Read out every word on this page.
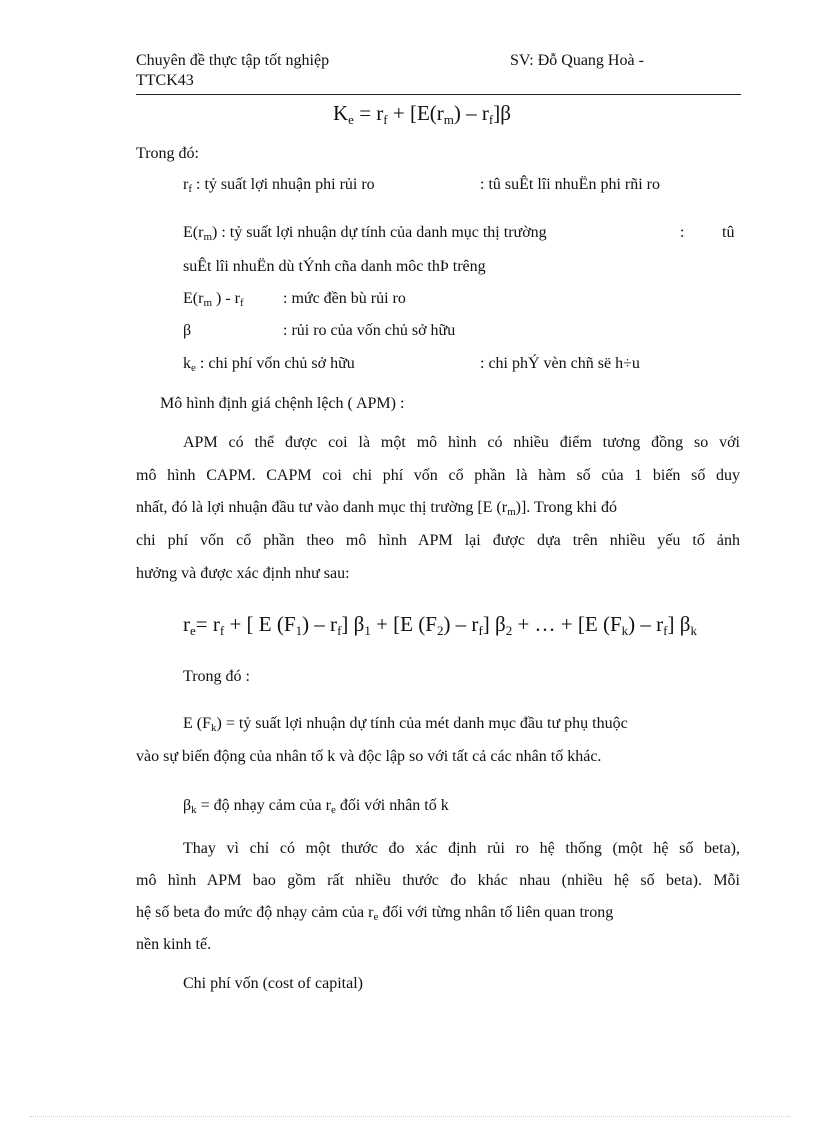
Chuyên đề thực tập tốt nghiệp	SV: Đỗ Quang Hoà -
TTCK43
$K_e = r_f + [E(r_m) - r_f]\beta$
Trong đó:
rf : tỷ suất lợi nhuận phi rủi ro	: tû suÊt lîi nhuËn phi rñi ro
E(rm) : tỷ suất lợi nhuận dự tính của danh mục thị trường	: tû
suÊt lîi nhuËn dù tÝnh cña danh môc thÞ trêng
E(rm ) - rf : mức đền bù rủi ro
β	: rủi ro của vốn chủ sở hữu
ke : chi phí vốn chủ sở hữu	: chi phÝ vèn chñ së h÷u
Mô hình định giá chệnh lệch ( APM) :
APM có thể được coi là một mô hình có nhiều điểm tương đồng so với
mô hình CAPM. CAPM coi chi phí vốn cổ phần là hàm số của 1 biến số duy
nhất, đó là lợi nhuận đầu tư vào danh mục thị trường [E (rm)]. Trong khi đó
chi phí vốn cổ phần theo mô hình APM lại được dựa trên nhiều yếu tố ảnh
hưởng và được xác định như sau:
$r_e= r_f$ + [ E $(F_1) - r_f$] $\beta_1 + [E$ $(F_2) - r_f$] $\beta_2$ + … + [E $(F_k) - r_f$] $\beta_k$
Trong đó :
E (Fk) = tỷ suất lợi nhuận dự tính của mét danh mục đầu tư phụ thuộc
vào sự biến động của nhân tố k và độc lập so với tất cả các nhân tố khác.
βk = độ nhạy cảm của re đối với nhân tố k
Thay vì chỉ có một thước đo xác định rủi ro hệ thống (một hệ số beta),
mô hình APM bao gồm rất nhiều thước đo khác nhau (nhiều hệ số beta). Mỗi
hệ số beta đo mức độ nhạy cảm của re đối với từng nhân tố liên quan trong
nền kinh tế.
Chi phí vốn (cost of capital)
